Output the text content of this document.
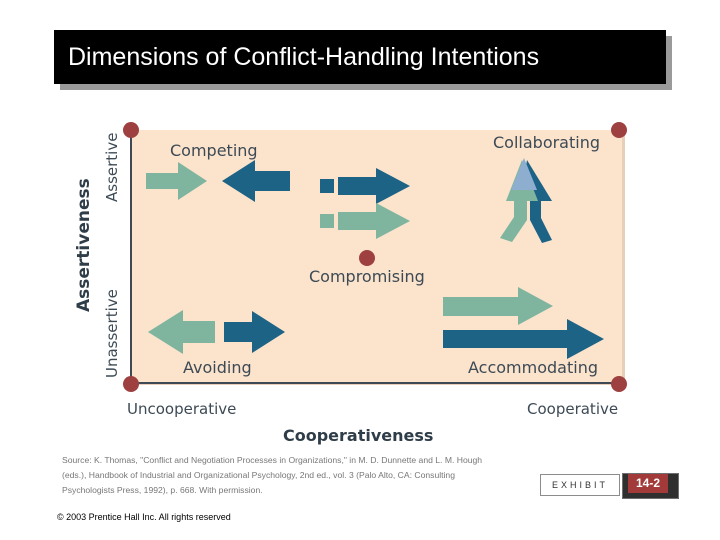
Dimensions of Conflict-Handling Intentions
Competing	Collaborating
Compromising
Avoiding	Accommodating
Uncooperative	Cooperative
Cooperativeness
Assertive
Unassertive
Assertiveness
Source: K. Thomas, "Conflict and Negotiation Processes in Organizations," in M. D. Dunnette and L. M. Hough (eds.), Handbook of Industrial and Organizational Psychology, 2nd ed., vol. 3 (Palo Alto, CA: Consulting Psychologists Press, 1992), p. 668. With permission.	EXHIBIT	14-2
© 2003 Prentice Hall Inc. All rights reserved
